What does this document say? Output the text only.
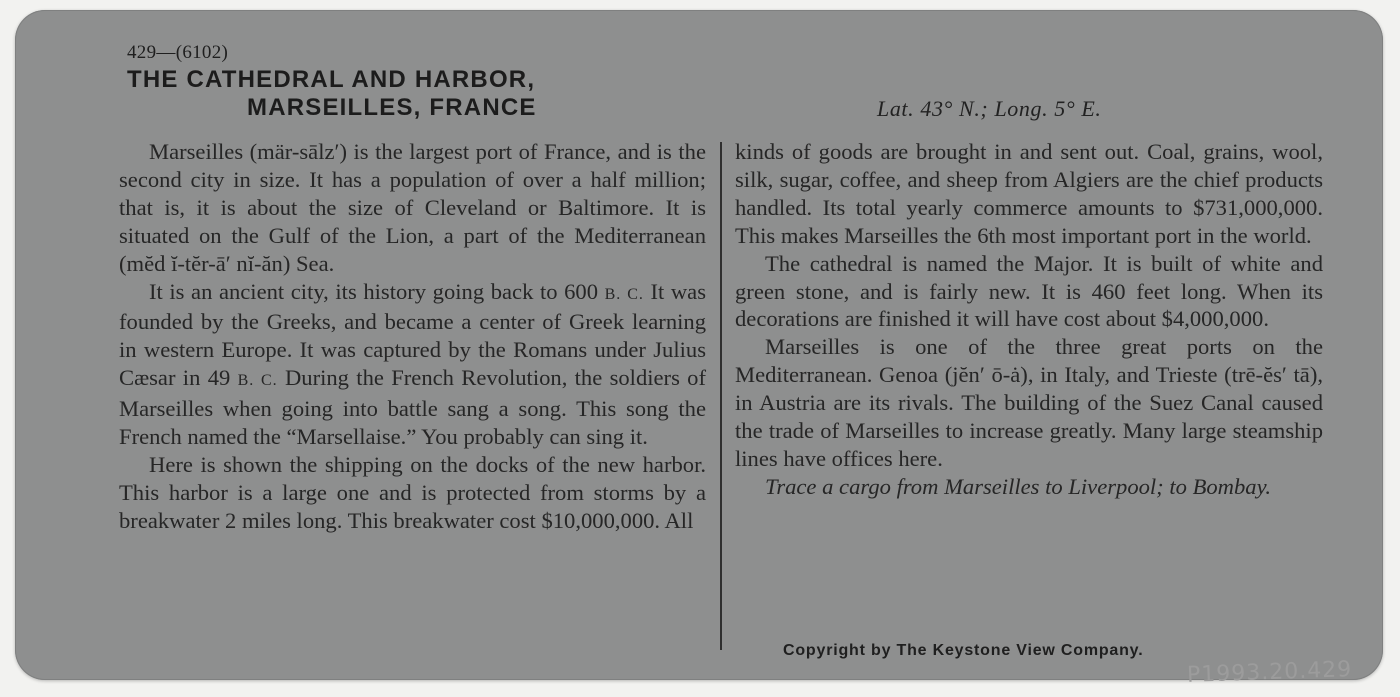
429—(6102)
THE CATHEDRAL AND HARBOR,
MARSEILLES, FRANCE	Lat. 43° N.; Long. 5° E.

Marseilles (mär-sālz′) is the largest port of France, and is the second city in size. It has a population of over a half million; that is, it is about the size of Cleveland or Baltimore. It is situated on the Gulf of the Lion, a part of the Mediterranean (mĕd ĭ-tĕr-ā′ nĭ-ăn) Sea.

It is an ancient city, its history going back to 600 B. C. It was founded by the Greeks, and became a center of Greek learning in western Europe. It was captured by the Romans under Julius Cæsar in 49 B. C. During the French Revolution, the soldiers of Marseilles when going into battle sang a song. This song the French named the “Marsellaise.” You probably can sing it.

Here is shown the shipping on the docks of the new harbor. This harbor is a large one and is protected from storms by a breakwater 2 miles long. This breakwater cost $10,000,000. All

kinds of goods are brought in and sent out. Coal, grains, wool, silk, sugar, coffee, and sheep from Algiers are the chief products handled. Its total yearly commerce amounts to $731,000,000. This makes Marseilles the 6th most important port in the world.

The cathedral is named the Major. It is built of white and green stone, and is fairly new. It is 460 feet long. When its decorations are finished it will have cost about $4,000,000.

Marseilles is one of the three great ports on the Mediterranean. Genoa (jĕn′ ō-ȧ), in Italy, and Trieste (trē-ĕs′ tā), in Austria are its rivals. The building of the Suez Canal caused the trade of Marseilles to increase greatly. Many large steamship lines have offices here.

Trace a cargo from Marseilles to Liverpool; to Bombay.

Copyright by The Keystone View Company.
P1993.20.429
